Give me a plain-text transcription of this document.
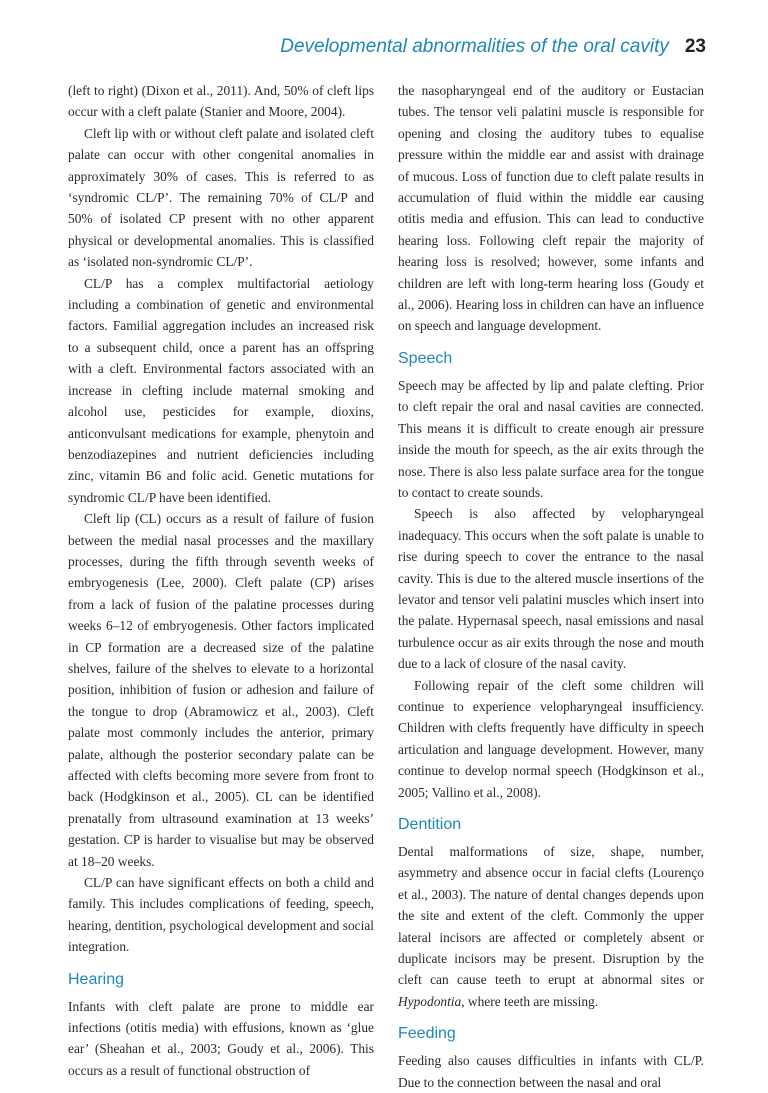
Developmental abnormalities of the oral cavity 23

(left to right) (Dixon et al., 2011). And, 50% of cleft lips occur with a cleft palate (Stanier and Moore, 2004).

Cleft lip with or without cleft palate and isolated cleft palate can occur with other congenital anomalies in approximately 30% of cases. This is referred to as ‘syndromic CL/P’. The remaining 70% of CL/P and 50% of isolated CP present with no other apparent physical or developmental anomalies. This is classified as ‘isolated non-syndromic CL/P’.

CL/P has a complex multifactorial aetiology including a combination of genetic and environmental factors. Familial aggregation includes an increased risk to a subsequent child, once a parent has an offspring with a cleft. Environmental factors associated with an increase in clefting include maternal smoking and alcohol use, pesticides for example, dioxins, anticonvulsant medications for example, phenytoin and benzodiazepines and nutrient deficiencies including zinc, vitamin B6 and folic acid. Genetic mutations for syndromic CL/P have been identified.

Cleft lip (CL) occurs as a result of failure of fusion between the medial nasal processes and the maxillary processes, during the fifth through seventh weeks of embryogenesis (Lee, 2000). Cleft palate (CP) arises from a lack of fusion of the palatine processes during weeks 6–12 of embryogenesis. Other factors implicated in CP formation are a decreased size of the palatine shelves, failure of the shelves to elevate to a horizontal position, inhibition of fusion or adhesion and failure of the tongue to drop (Abramowicz et al., 2003). Cleft palate most commonly includes the anterior, primary palate, although the posterior secondary palate can be affected with clefts becoming more severe from front to back (Hodgkinson et al., 2005). CL can be identified prenatally from ultrasound examination at 13 weeks’ gestation. CP is harder to visualise but may be observed at 18–20 weeks.

CL/P can have significant effects on both a child and family. This includes complications of feeding, speech, hearing, dentition, psychological development and social integration.

Hearing

Infants with cleft palate are prone to middle ear infections (otitis media) with effusions, known as ‘glue ear’ (Sheahan et al., 2003; Goudy et al., 2006). This occurs as a result of functional obstruction of

the nasopharyngeal end of the auditory or Eustacian tubes. The tensor veli palatini muscle is responsible for opening and closing the auditory tubes to equalise pressure within the middle ear and assist with drainage of mucous. Loss of function due to cleft palate results in accumulation of fluid within the middle ear causing otitis media and effusion. This can lead to conductive hearing loss. Following cleft repair the majority of hearing loss is resolved; however, some infants and children are left with long-term hearing loss (Goudy et al., 2006). Hearing loss in children can have an influence on speech and language development.

Speech

Speech may be affected by lip and palate clefting. Prior to cleft repair the oral and nasal cavities are connected. This means it is difficult to create enough air pressure inside the mouth for speech, as the air exits through the nose. There is also less palate surface area for the tongue to contact to create sounds.

Speech is also affected by velopharyngeal inadequacy. This occurs when the soft palate is unable to rise during speech to cover the entrance to the nasal cavity. This is due to the altered muscle insertions of the levator and tensor veli palatini muscles which insert into the palate. Hypernasal speech, nasal emissions and nasal turbulence occur as air exits through the nose and mouth due to a lack of closure of the nasal cavity.

Following repair of the cleft some children will continue to experience velopharyngeal insufficiency. Children with clefts frequently have difficulty in speech articulation and language development. However, many continue to develop normal speech (Hodgkinson et al., 2005; Vallino et al., 2008).

Dentition

Dental malformations of size, shape, number, asymmetry and absence occur in facial clefts (Lourenço et al., 2003). The nature of dental changes depends upon the site and extent of the cleft. Commonly the upper lateral incisors are affected or completely absent or duplicate incisors may be present. Disruption by the cleft can cause teeth to erupt at abnormal sites or Hypodontia, where teeth are missing.

Feeding

Feeding also causes difficulties in infants with CL/P. Due to the connection between the nasal and oral
